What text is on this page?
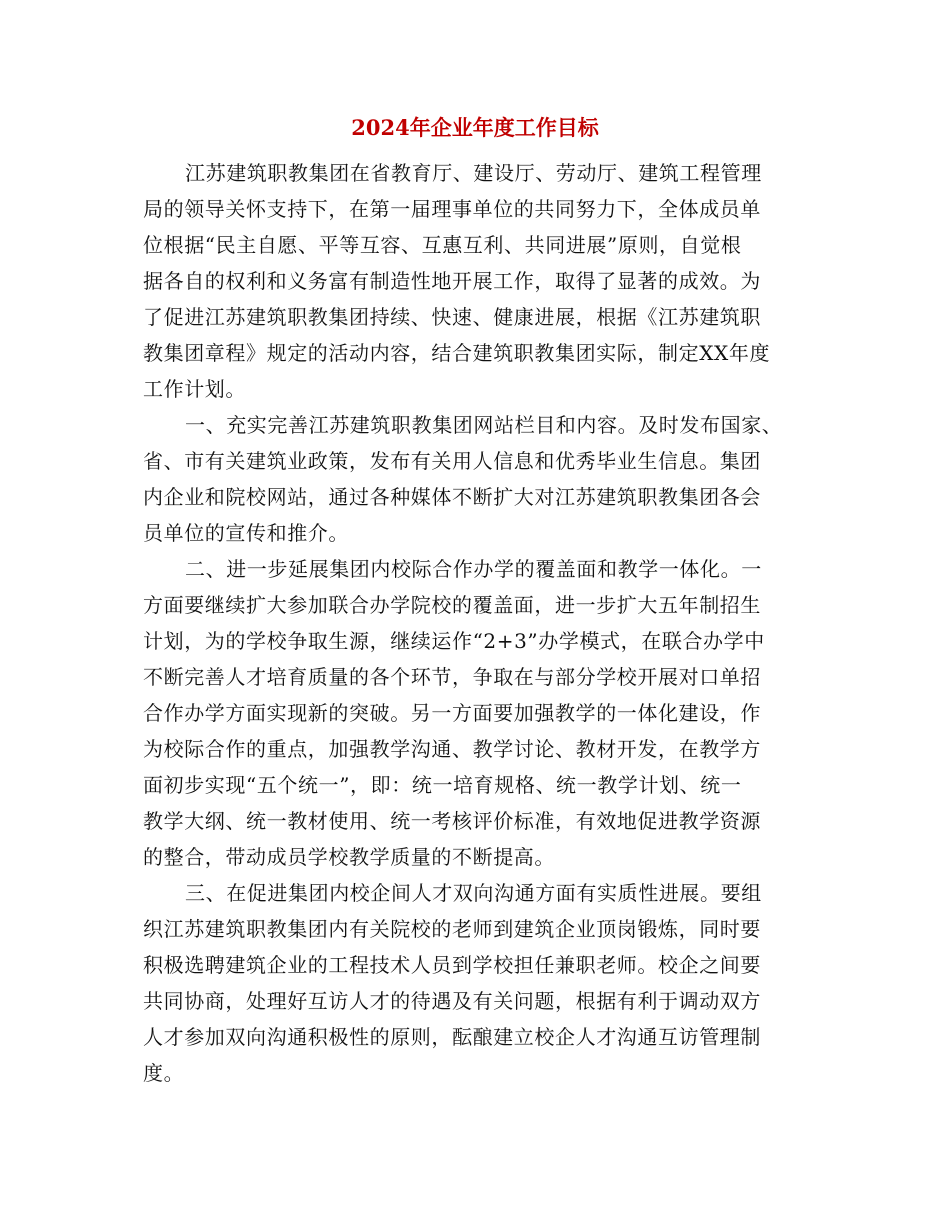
2024年企业年度工作目标
江苏建筑职教集团在省教育厅、建设厅、劳动厅、建筑工程管理
局的领导关怀支持下，在第一届理事单位的共同努力下，全体成员单
位根据“民主自愿、平等互容、互惠互利、共同进展”原则，自觉根
据各自的权利和义务富有制造性地开展工作，取得了显著的成效。为
了促进江苏建筑职教集团持续、快速、健康进展，根据《江苏建筑职
教集团章程》规定的活动内容，结合建筑职教集团实际，制定XX年度
工作计划。
一、充实完善江苏建筑职教集团网站栏目和内容。及时发布国家、
省、市有关建筑业政策，发布有关用人信息和优秀毕业生信息。集团
内企业和院校网站，通过各种媒体不断扩大对江苏建筑职教集团各会
员单位的宣传和推介。
二、进一步延展集团内校际合作办学的覆盖面和教学一体化。一
方面要继续扩大参加联合办学院校的覆盖面，进一步扩大五年制招生
计划，为的学校争取生源，继续运作“2+3”办学模式，在联合办学中
不断完善人才培育质量的各个环节，争取在与部分学校开展对口单招
合作办学方面实现新的突破。另一方面要加强教学的一体化建设，作
为校际合作的重点，加强教学沟通、教学讨论、教材开发，在教学方
面初步实现“五个统一”，即：统一培育规格、统一教学计划、统一
教学大纲、统一教材使用、统一考核评价标准，有效地促进教学资源
的整合，带动成员学校教学质量的不断提高。
三、在促进集团内校企间人才双向沟通方面有实质性进展。要组
织江苏建筑职教集团内有关院校的老师到建筑企业顶岗锻炼，同时要
积极选聘建筑企业的工程技术人员到学校担任兼职老师。校企之间要
共同协商，处理好互访人才的待遇及有关问题，根据有利于调动双方
人才参加双向沟通积极性的原则，酝酿建立校企人才沟通互访管理制
度。
